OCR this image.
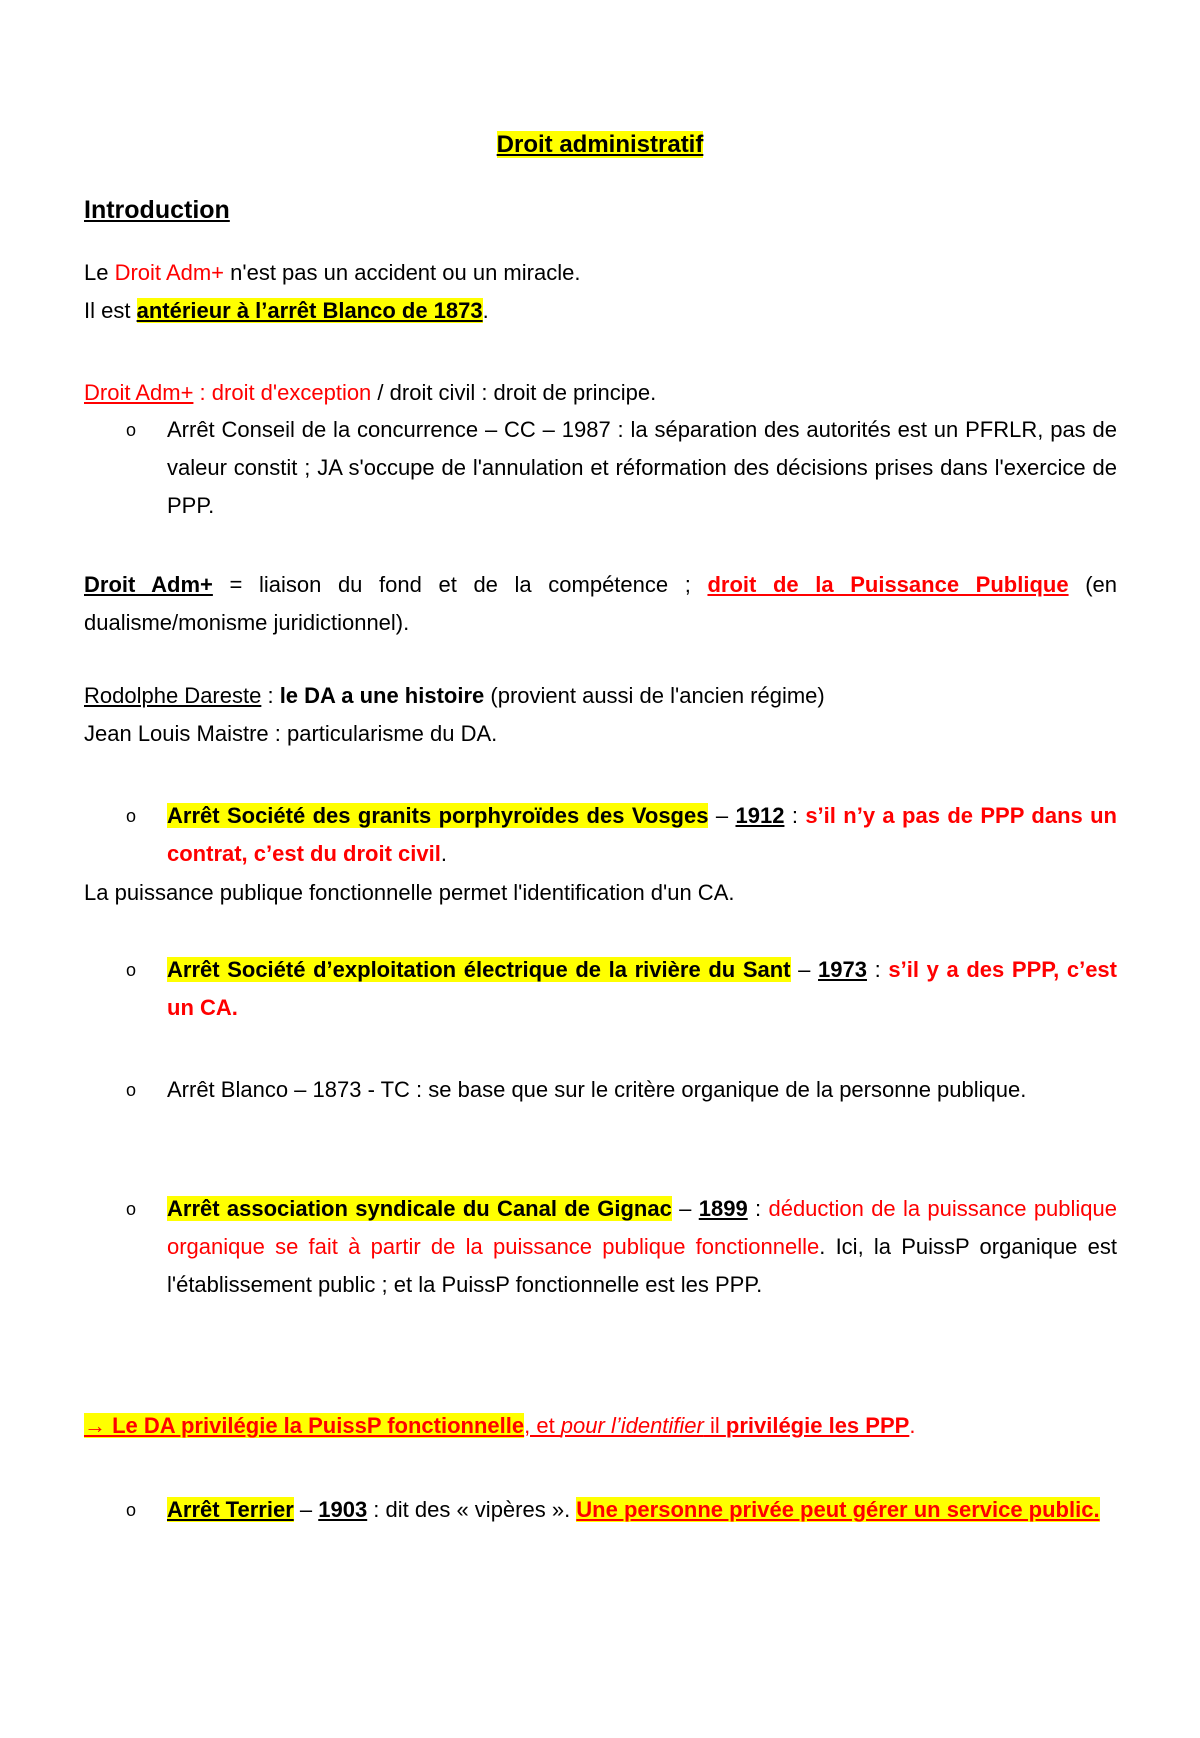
Droit administratif
Introduction
Le Droit Adm+ n'est pas un accident ou un miracle.
Il est antérieur à l’arrêt Blanco de 1873.
Droit Adm+ : droit d'exception / droit civil : droit de principe.
o Arrêt Conseil de la concurrence – CC – 1987 : la séparation des autorités est un PFRLR, pas de valeur constit ; JA s'occupe de l'annulation et réformation des décisions prises dans l'exercice de PPP.
Droit Adm+ = liaison du fond et de la compétence ; droit de la Puissance Publique (en dualisme/monisme juridictionnel).
Rodolphe Dareste : le DA a une histoire (provient aussi de l'ancien régime)
Jean Louis Maistre : particularisme du DA.
o Arrêt Société des granits porphyroïdes des Vosges – 1912 : s’il n’y a pas de PPP dans un contrat, c’est du droit civil.
La puissance publique fonctionnelle permet l'identification d'un CA.
o Arrêt Société d’exploitation électrique de la rivière du Sant – 1973 : s’il y a des PPP, c’est un CA.
o Arrêt Blanco – 1873 - TC : se base que sur le critère organique de la personne publique.
o Arrêt association syndicale du Canal de Gignac – 1899 : déduction de la puissance publique organique se fait à partir de la puissance publique fonctionnelle. Ici, la PuissP organique est l'établissement public ; et la PuissP fonctionnelle est les PPP.
→ Le DA privilégie la PuissP fonctionnelle, et pour l’identifier il privilégie les PPP.
o Arrêt Terrier – 1903 : dit des « vipères ». Une personne privée peut gérer un service public.
